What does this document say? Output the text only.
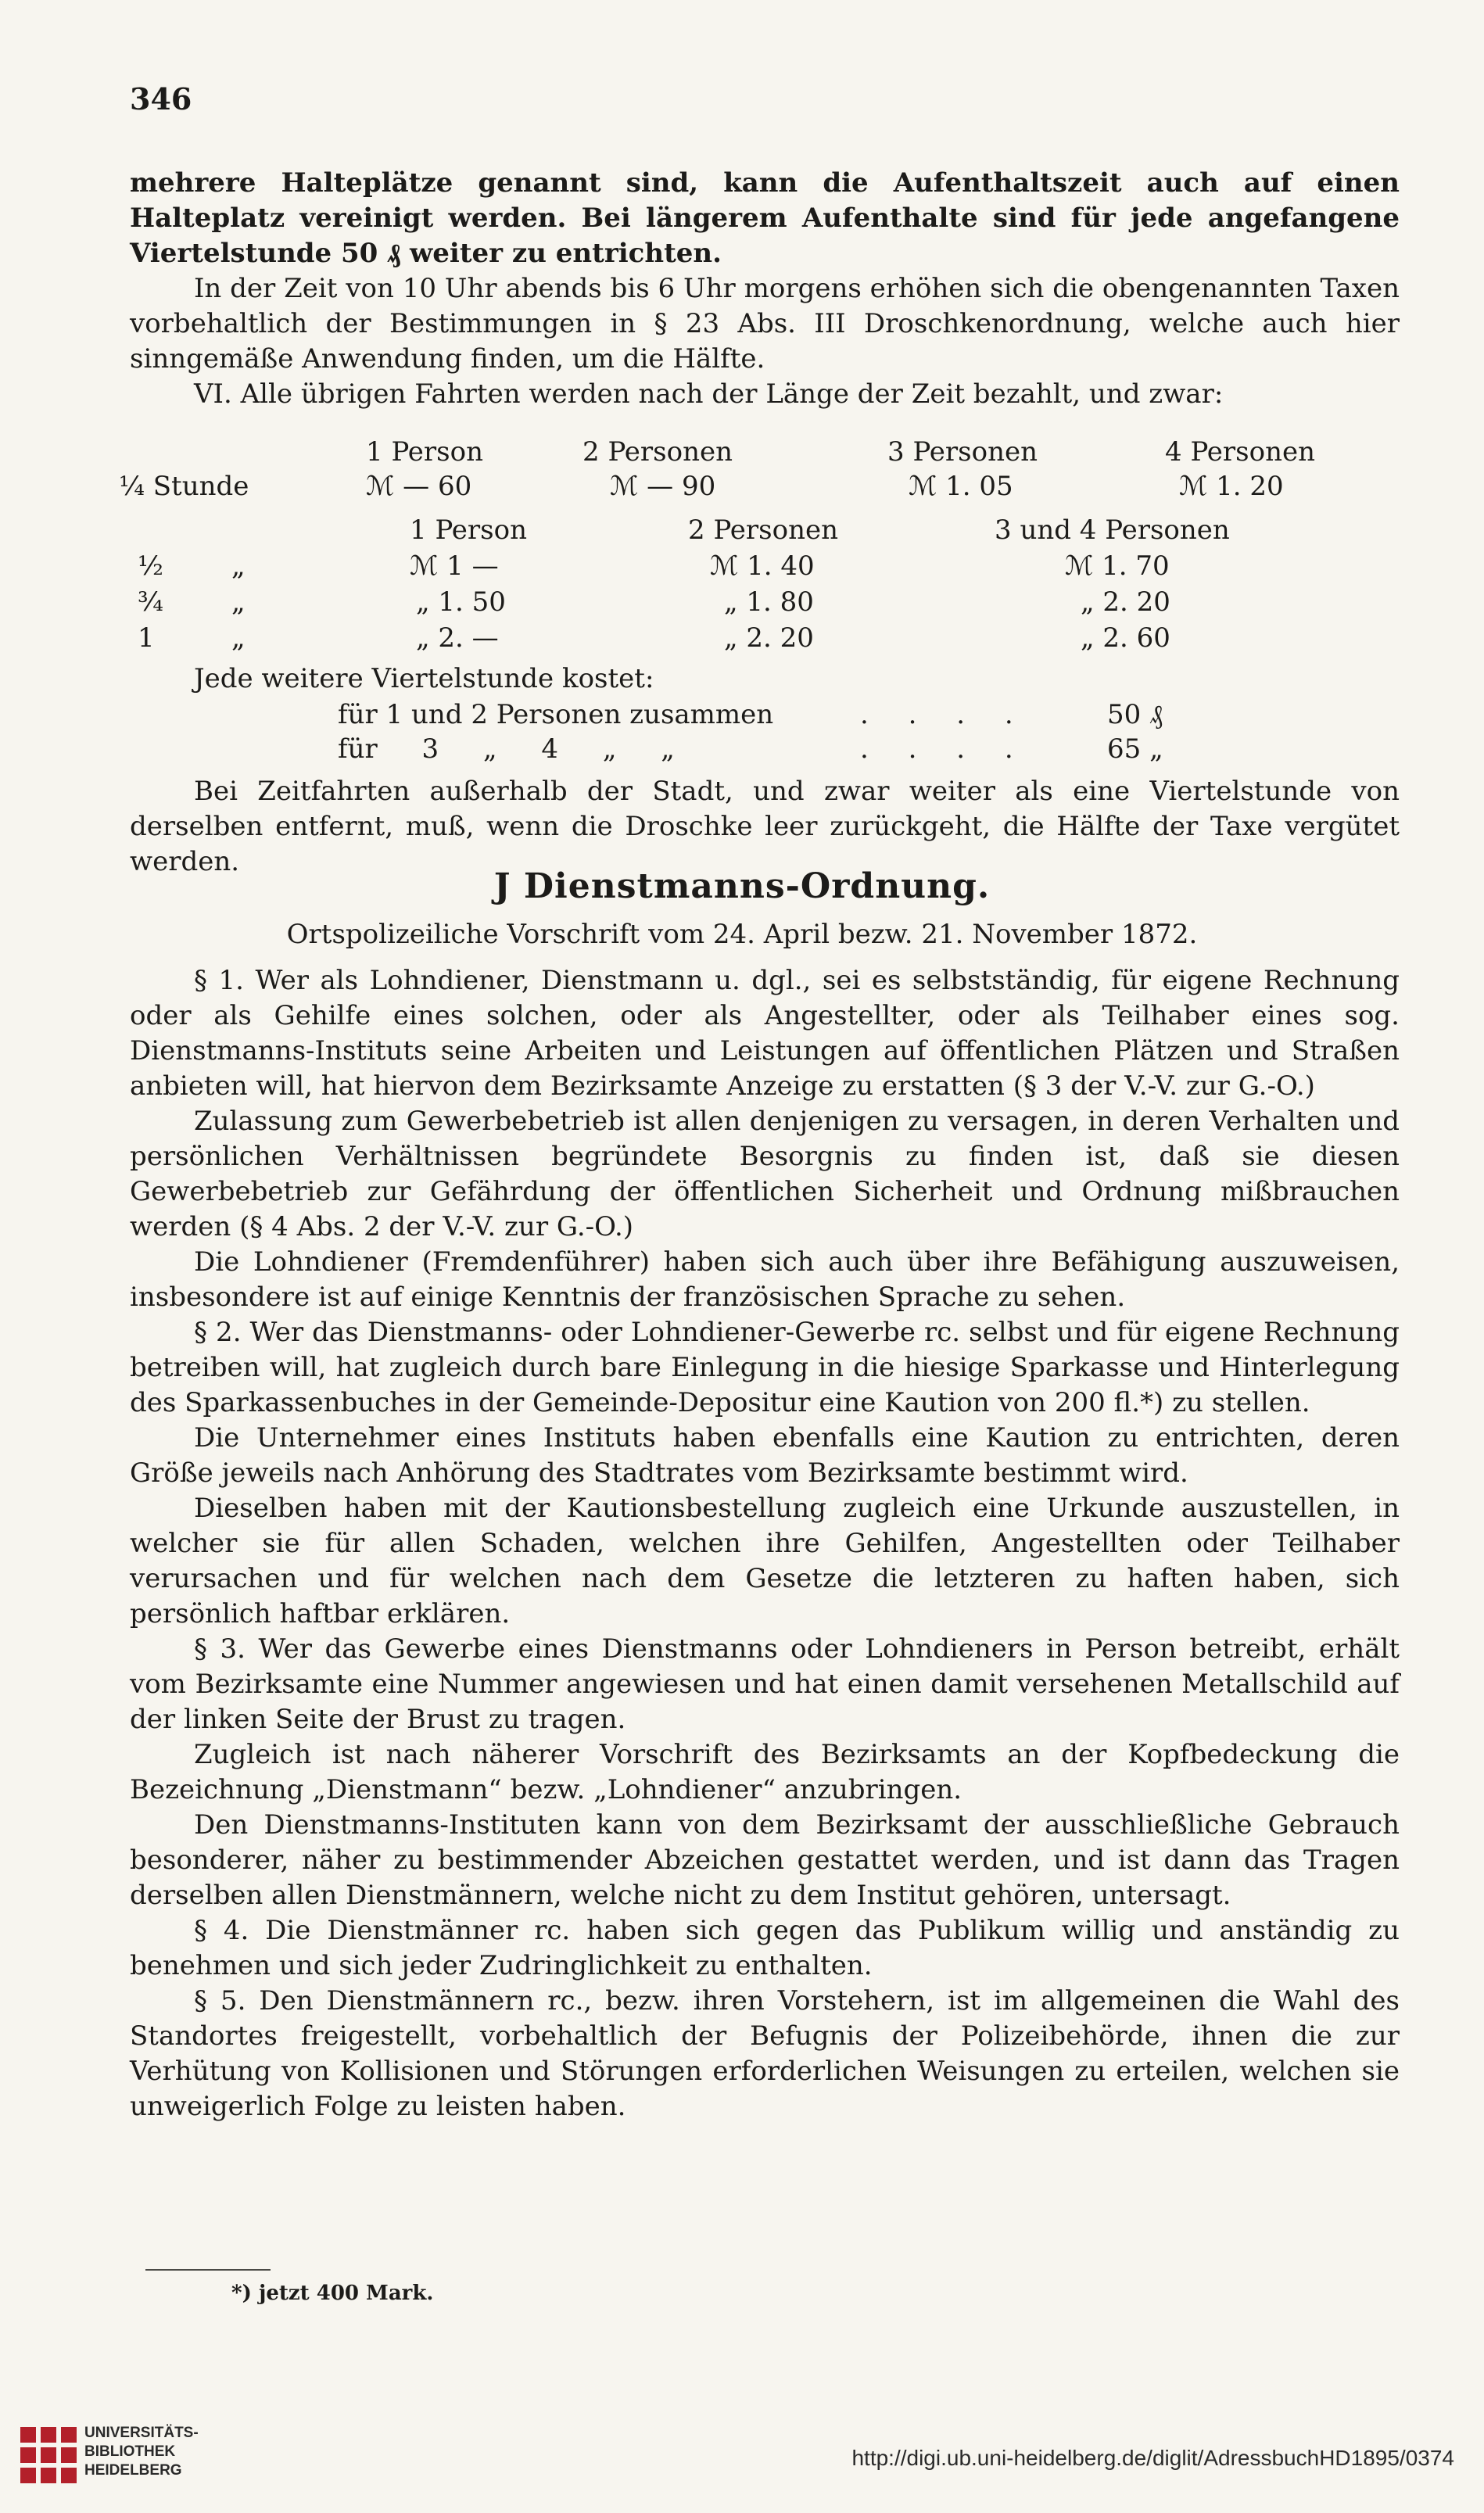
346

mehrere Halteplätze genannt sind, kann die Aufenthaltszeit auch auf einen Halteplatz vereinigt werden. Bei längerem Aufenthalte sind für jede angefangene Viertelstunde 50 ₰ weiter zu entrichten.

In der Zeit von 10 Uhr abends bis 6 Uhr morgens erhöhen sich die obengenannten Taxen vorbehaltlich der Bestimmungen in § 23 Abs. III Droschkenordnung, welche auch hier sinngemäße Anwendung finden, um die Hälfte.

VI. Alle übrigen Fahrten werden nach der Länge der Zeit bezahlt, und zwar:

1 Person	2 Personen	3 Personen	4 Personen
¼ Stunde	ℳ — 60	ℳ — 90	ℳ 1. 05	ℳ 1. 20
1 Person	2 Personen	3 und 4 Personen
½	„	ℳ 1 —	ℳ 1. 40	ℳ 1. 70
¾	„	„ 1. 50	„ 1. 80	„ 2. 20
1	„	„ 2. —	„ 2. 20	„ 2. 60
Jede weitere Viertelstunde kostet:
für 1 und 2 Personen zusammen	. . . .	50 ₰
für 3 „ 4 „ „	. . . .	65 „

Bei Zeitfahrten außerhalb der Stadt, und zwar weiter als eine Viertelstunde von derselben entfernt, muß, wenn die Droschke leer zurückgeht, die Hälfte der Taxe vergütet werden.

J Dienstmanns-Ordnung.
Ortspolizeiliche Vorschrift vom 24. April bezw. 21. November 1872.

§ 1. Wer als Lohndiener, Dienstmann u. dgl., sei es selbstständig, für eigene Rechnung oder als Gehilfe eines solchen, oder als Angestellter, oder als Teilhaber eines sog. Dienstmanns-Instituts seine Arbeiten und Leistungen auf öffentlichen Plätzen und Straßen anbieten will, hat hiervon dem Bezirksamte Anzeige zu erstatten (§ 3 der V.-V. zur G.-O.)

Zulassung zum Gewerbebetrieb ist allen denjenigen zu versagen, in deren Verhalten und persönlichen Verhältnissen begründete Besorgnis zu finden ist, daß sie diesen Gewerbebetrieb zur Gefährdung der öffentlichen Sicherheit und Ordnung mißbrauchen werden (§ 4 Abs. 2 der V.-V. zur G.-O.)

Die Lohndiener (Fremdenführer) haben sich auch über ihre Befähigung auszuweisen, insbesondere ist auf einige Kenntnis der französischen Sprache zu sehen.

§ 2. Wer das Dienstmanns- oder Lohndiener-Gewerbe rc. selbst und für eigene Rechnung betreiben will, hat zugleich durch bare Einlegung in die hiesige Sparkasse und Hinterlegung des Sparkassenbuches in der Gemeinde-Depositur eine Kaution von 200 fl.*) zu stellen.

Die Unternehmer eines Instituts haben ebenfalls eine Kaution zu entrichten, deren Größe jeweils nach Anhörung des Stadtrates vom Bezirksamte bestimmt wird.

Dieselben haben mit der Kautionsbestellung zugleich eine Urkunde auszustellen, in welcher sie für allen Schaden, welchen ihre Gehilfen, Angestellten oder Teilhaber verursachen und für welchen nach dem Gesetze die letzteren zu haften haben, sich persönlich haftbar erklären.

§ 3. Wer das Gewerbe eines Dienstmanns oder Lohndieners in Person betreibt, erhält vom Bezirksamte eine Nummer angewiesen und hat einen damit versehenen Metallschild auf der linken Seite der Brust zu tragen.

Zugleich ist nach näherer Vorschrift des Bezirksamts an der Kopfbedeckung die Bezeichnung „Dienstmann“ bezw. „Lohndiener“ anzubringen.

Den Dienstmanns-Instituten kann von dem Bezirksamt der ausschließliche Gebrauch besonderer, näher zu bestimmender Abzeichen gestattet werden, und ist dann das Tragen derselben allen Dienstmännern, welche nicht zu dem Institut gehören, untersagt.

§ 4. Die Dienstmänner rc. haben sich gegen das Publikum willig und anständig zu benehmen und sich jeder Zudringlichkeit zu enthalten.

§ 5. Den Dienstmännern rc., bezw. ihren Vorstehern, ist im allgemeinen die Wahl des Standortes freigestellt, vorbehaltlich der Befugnis der Polizeibehörde, ihnen die zur Verhütung von Kollisionen und Störungen erforderlichen Weisungen zu erteilen, welchen sie unweigerlich Folge zu leisten haben.

*) jetzt 400 Mark.
UNIVERSITÄTS-
BIBLIOTHEK
HEIDELBERG
http://digi.ub.uni-heidelberg.de/diglit/AdressbuchHD1895/0374
